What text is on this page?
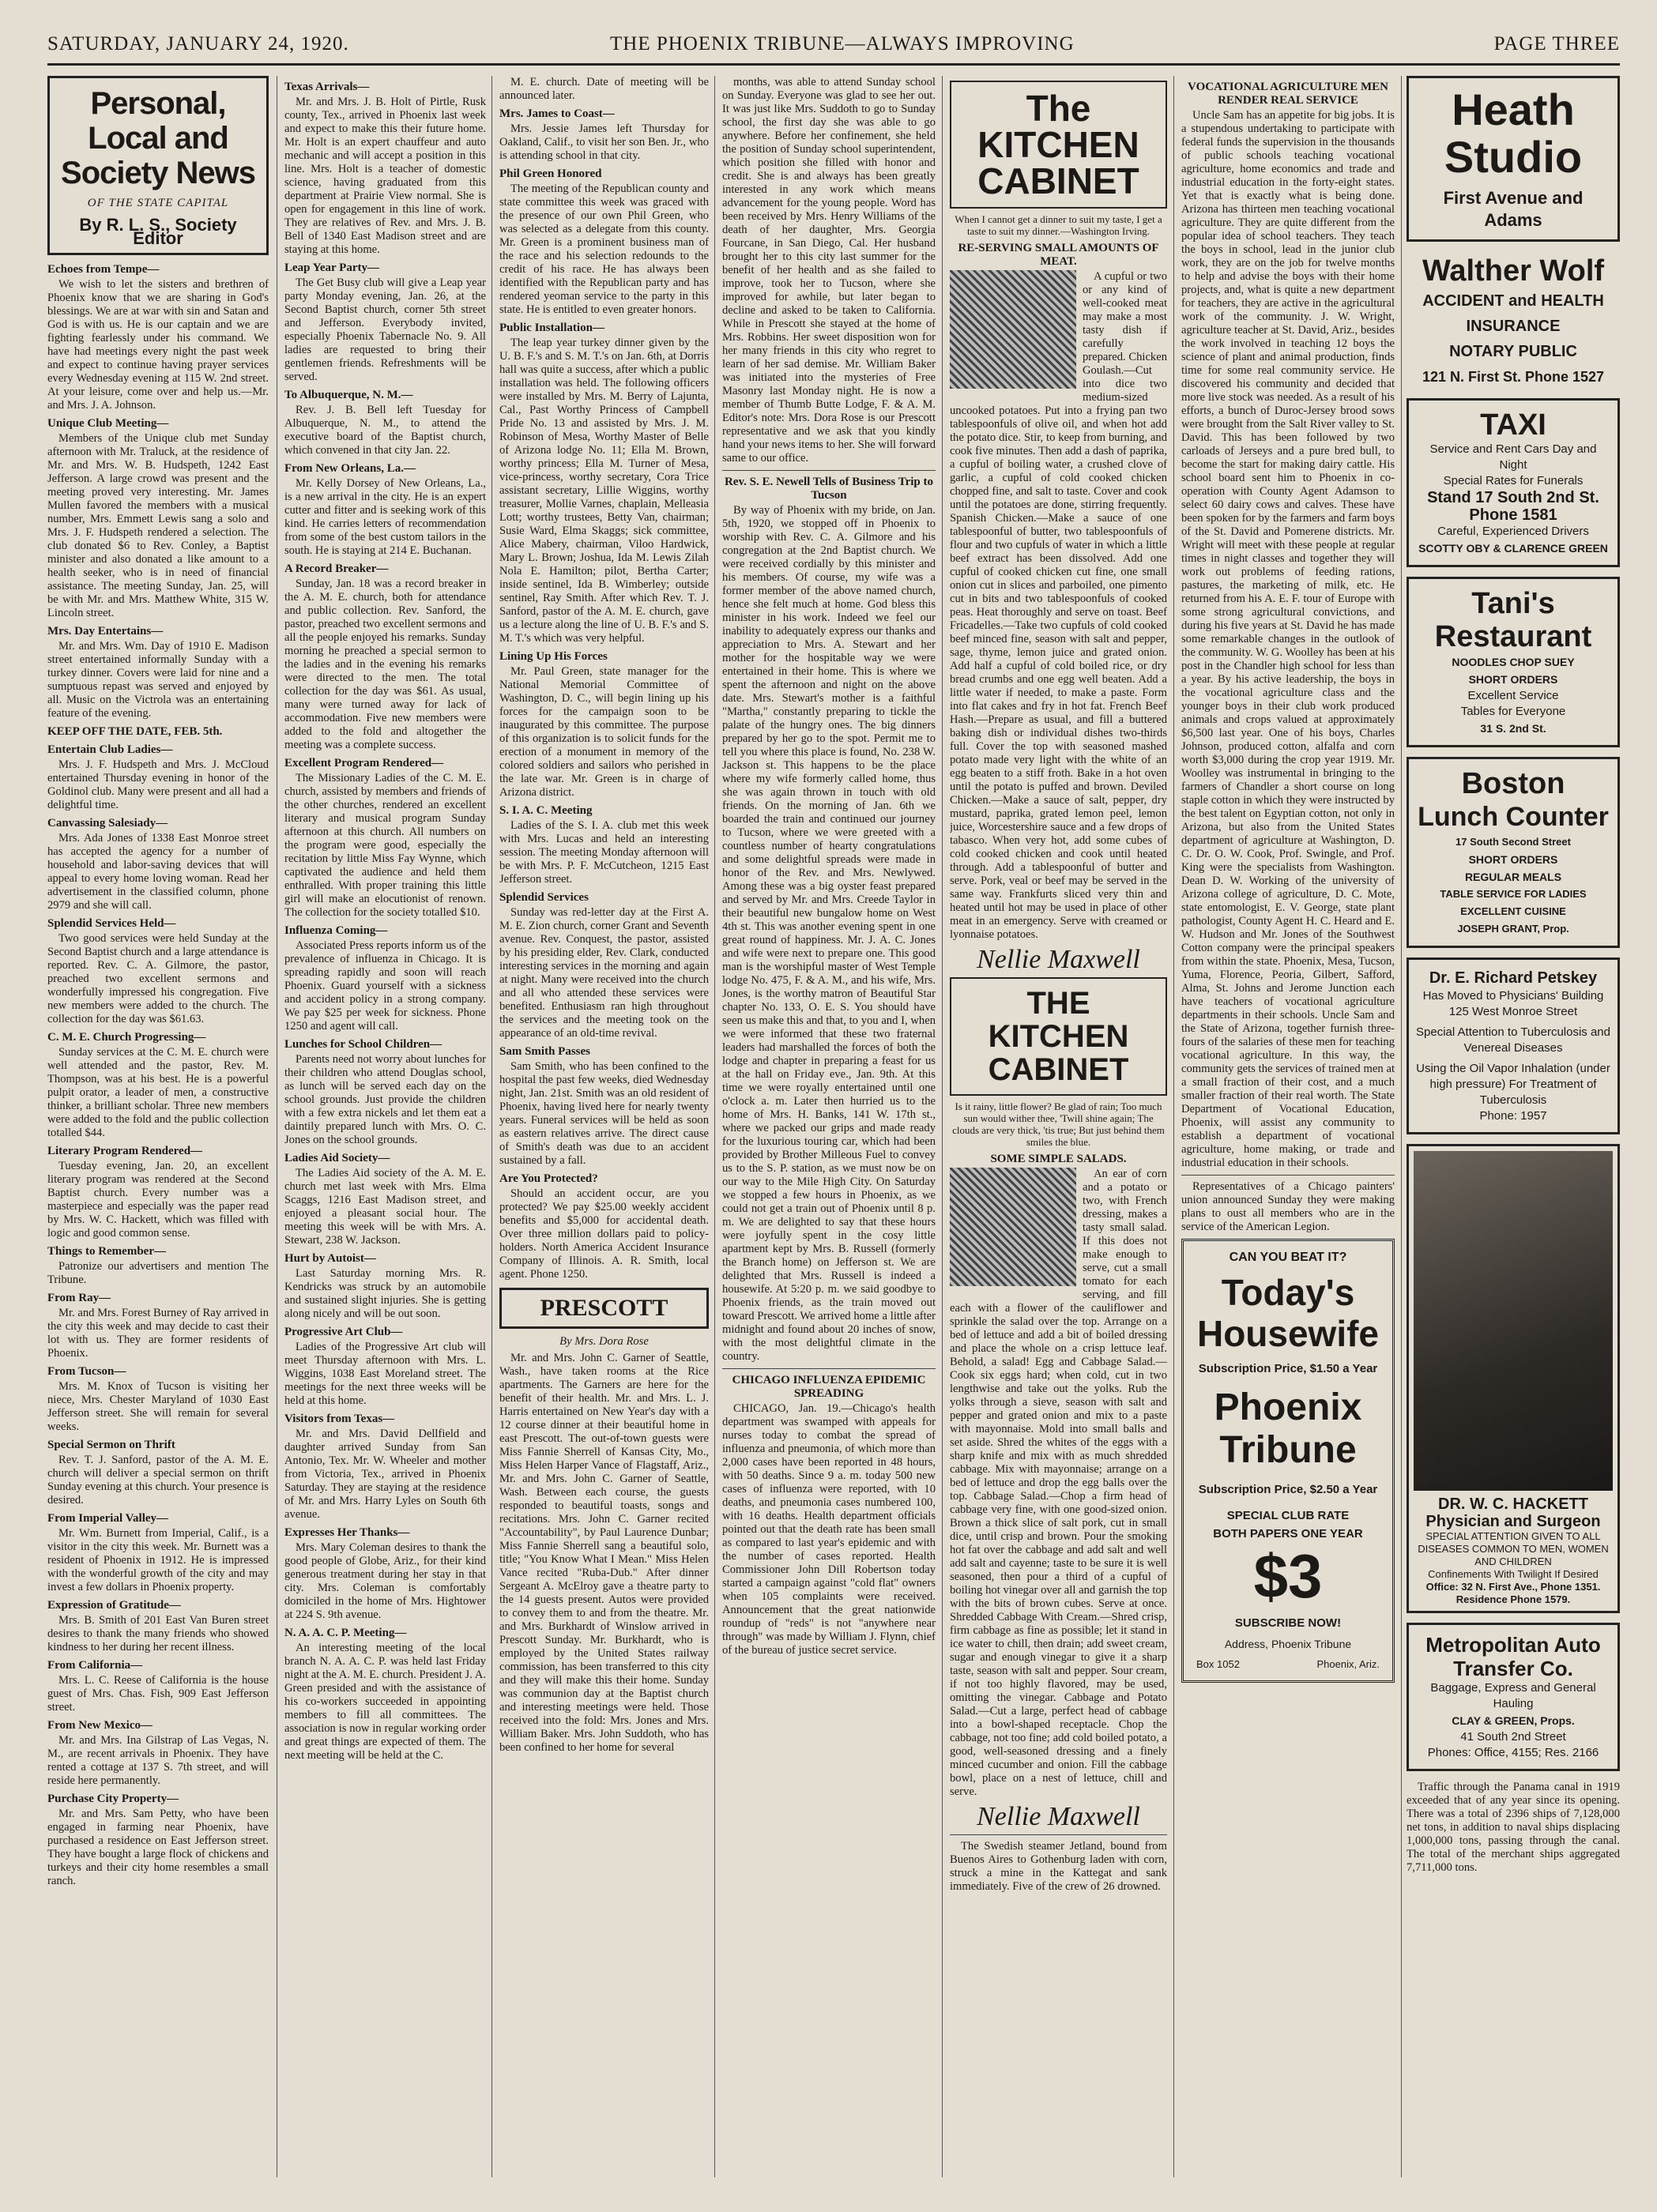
SATURDAY, JANUARY 24, 1920.	THE PHOENIX TRIBUNE—ALWAYS IMPROVING	PAGE THREE
Personal, Local and Society News
OF THE STATE CAPITAL
By R. L. S., Society Editor
Echoes from Tempe—

We wish to let the sisters and brethren of Phoenix know that we are sharing in God's blessings. We are at war with sin and Satan and God is with us. He is our captain and we are fighting fearlessly under his command. We have had meetings every night the past week and expect to continue having prayer services every Wednesday evening at 115 W. 2nd street. At your leisure, come over and help us.—Mr. and Mrs. J. A. Johnson.

Unique Club Meeting—

Members of the Unique club met Sunday afternoon with Mr. Traluck, at the residence of Mr. and Mrs. W. B. Hudspeth, 1242 East Jefferson. A large crowd was present and the meeting proved very interesting. Mr. James Mullen favored the members with a musical number, Mrs. Emmett Lewis sang a solo and Mrs. J. F. Hudspeth rendered a selection. The club donated $6 to Rev. Conley, a Baptist minister and also donated a like amount to a health seeker, who is in need of financial assistance. The meeting Sunday, Jan. 25, will be with Mr. and Mrs. Matthew White, 315 W. Lincoln street.

Mrs. Day Entertains—

Mr. and Mrs. Wm. Day of 1910 E. Madison street entertained informally Sunday with a turkey dinner. Covers were laid for nine and a sumptuous repast was served and enjoyed by all. Music on the Victrola was an entertaining feature of the evening.

KEEP OFF THE DATE, FEB. 5th.
Entertain Club Ladies—

Mrs. J. F. Hudspeth and Mrs. J. McCloud entertained Thursday evening in honor of the Goldinol club. Many were present and all had a delightful time.

Canvassing Salesiady—

Mrs. Ada Jones of 1338 East Monroe street has accepted the agency for a number of household and labor-saving devices that will appeal to every home loving woman. Read her advertisement in the classified column, phone 2979 and she will call.

Splendid Services Held—

Two good services were held Sunday at the Second Baptist church and a large attendance is reported. Rev. C. A. Gilmore, the pastor, preached two excellent sermons and wonderfully impressed his congregation. Five new members were added to the church. The collection for the day was $61.63.

C. M. E. Church Progressing—

Sunday services at the C. M. E. church were well attended and the pastor, Rev. M. Thompson, was at his best. He is a powerful pulpit orator, a leader of men, a constructive thinker, a brilliant scholar. Three new members were added to the fold and the public collection totalled $44.

Literary Program Rendered—

Tuesday evening, Jan. 20, an excellent literary program was rendered at the Second Baptist church. Every number was a masterpiece and especially was the paper read by Mrs. W. C. Hackett, which was filled with logic and good common sense.

Things to Remember—

Patronize our advertisers and mention The Tribune.

From Ray—

Mr. and Mrs. Forest Burney of Ray arrived in the city this week and may decide to cast their lot with us. They are former residents of Phoenix.

From Tucson—

Mrs. M. Knox of Tucson is visiting her niece, Mrs. Chester Maryland of 1030 East Jefferson street. She will remain for several weeks.

Special Sermon on Thrift

Rev. T. J. Sanford, pastor of the A. M. E. church will deliver a special sermon on thrift Sunday evening at this church. Your presence is desired.

From Imperial Valley—

Mr. Wm. Burnett from Imperial, Calif., is a visitor in the city this week. Mr. Burnett was a resident of Phoenix in 1912. He is impressed with the wonderful growth of the city and may invest a few dollars in Phoenix property.

Expression of Gratitude—

Mrs. B. Smith of 201 East Van Buren street desires to thank the many friends who showed kindness to her during her recent illness.

From California—

Mrs. L. C. Reese of California is the house guest of Mrs. Chas. Fish, 909 East Jefferson street.

From New Mexico—

Mr. and Mrs. Ina Gilstrap of Las Vegas, N. M., are recent arrivals in Phoenix. They have rented a cottage at 137 S. 7th street, and will reside here permanently.

Purchase City Property—

Mr. and Mrs. Sam Petty, who have been engaged in farming near Phoenix, have purchased a residence on East Jefferson street. They have bought a large flock of chickens and turkeys and their city home resembles a small ranch.

Texas Arrivals—

Mr. and Mrs. J. B. Holt of Pirtle, Rusk county, Tex., arrived in Phoenix last week and expect to make this their future home. Mr. Holt is an expert chauffeur and auto mechanic and will accept a position in this line. Mrs. Holt is a teacher of domestic science, having graduated from this department at Prairie View normal. She is open for engagement in this line of work. They are relatives of Rev. and Mrs. J. B. Bell of 1340 East Madison street and are staying at this home.

Leap Year Party—

The Get Busy club will give a Leap year party Monday evening, Jan. 26, at the Second Baptist church, corner 5th street and Jefferson. Everybody invited, especially Phoenix Tabernacle No. 9. All ladies are requested to bring their gentlemen friends. Refreshments will be served.

To Albuquerque, N. M.—

Rev. J. B. Bell left Tuesday for Albuquerque, N. M., to attend the executive board of the Baptist church, which convened in that city Jan. 22.

From New Orleans, La.—

Mr. Kelly Dorsey of New Orleans, La., is a new arrival in the city. He is an expert cutter and fitter and is seeking work of this kind. He carries letters of recommendation from some of the best custom tailors in the south. He is staying at 214 E. Buchanan.

A Record Breaker—

Sunday, Jan. 18 was a record breaker in the A. M. E. church, both for attendance and public collection. Rev. Sanford, the pastor, preached two excellent sermons and all the people enjoyed his remarks. Sunday morning he preached a special sermon to the ladies and in the evening his remarks were directed to the men. The total collection for the day was $61. As usual, many were turned away for lack of accommodation. Five new members were added to the fold and altogether the meeting was a complete success.

Excellent Program Rendered—

The Missionary Ladies of the C. M. E. church, assisted by members and friends of the other churches, rendered an excellent literary and musical program Sunday afternoon at this church. All numbers on the program were good, especially the recitation by little Miss Fay Wynne, which captivated the audience and held them enthralled. With proper training this little girl will make an elocutionist of renown. The collection for the society totalled $10.

Influenza Coming—

Associated Press reports inform us of the prevalence of influenza in Chicago. It is spreading rapidly and soon will reach Phoenix. Guard yourself with a sickness and accident policy in a strong company. We pay $25 per week for sickness. Phone 1250 and agent will call.

Lunches for School Children—

Parents need not worry about lunches for their children who attend Douglas school, as lunch will be served each day on the school grounds. Just provide the children with a few extra nickels and let them eat a daintily prepared lunch with Mrs. O. C. Jones on the school grounds.

Ladies Aid Society—

The Ladies Aid society of the A. M. E. church met last week with Mrs. Elma Scaggs, 1216 East Madison street, and enjoyed a pleasant social hour. The meeting this week will be with Mrs. A. Stewart, 238 W. Jackson.

Hurt by Autoist—

Last Saturday morning Mrs. R. Kendricks was struck by an automobile and sustained slight injuries. She is getting along nicely and will be out soon.

Progressive Art Club—

Ladies of the Progressive Art club will meet Thursday afternoon with Mrs. L. Wiggins, 1038 East Moreland street. The meetings for the next three weeks will be held at this home.

Visitors from Texas—

Mr. and Mrs. David Dellfield and daughter arrived Sunday from San Antonio, Tex. Mr. W. Wheeler and mother from Victoria, Tex., arrived in Phoenix Saturday. They are staying at the residence of Mr. and Mrs. Harry Lyles on South 6th avenue.

Expresses Her Thanks—

Mrs. Mary Coleman desires to thank the good people of Globe, Ariz., for their kind generous treatment during her stay in that city. Mrs. Coleman is comfortably domiciled in the home of Mrs. Hightower at 224 S. 9th avenue.

N. A. A. C. P. Meeting—

An interesting meeting of the local branch N. A. A. C. P. was held last Friday night at the A. M. E. church. President J. A. Green presided and with the assistance of his co-workers succeeded in appointing members to fill all committees. The association is now in regular working order and great things are expected of them. The next meeting will be held at the C.

M. E. church. Date of meeting will be announced later.

Mrs. James to Coast—

Mrs. Jessie James left Thursday for Oakland, Calif., to visit her son Ben. Jr., who is attending school in that city.

Phil Green Honored

The meeting of the Republican county and state committee this week was graced with the presence of our own Phil Green, who was selected as a delegate from this county. Mr. Green is a prominent business man of the race and his selection redounds to the credit of his race. He has always been identified with the Republican party and has rendered yeoman service to the party in this state. He is entitled to even greater honors.

Public Installation—

The leap year turkey dinner given by the U. B. F.'s and S. M. T.'s on Jan. 6th, at Dorris hall was quite a success, after which a public installation was held. The following officers were installed by Mrs. M. Berry of Lajunta, Cal., Past Worthy Princess of Campbell Pride No. 13 and assisted by Mrs. J. M. Robinson of Mesa, Worthy Master of Belle of Arizona lodge No. 11; Ella M. Brown, worthy princess; Ella M. Turner of Mesa, vice-princess, worthy secretary, Cora Trice assistant secretary, Lillie Wiggins, worthy treasurer, Mollie Varnes, chaplain, Melleasia Lott; worthy trustees, Betty Van, chairman; Susie Ward, Elma Skaggs; sick committee, Alice Mabery, chairman, Viloo Hardwick, Mary L. Brown; Joshua, Ida M. Lewis Zilah Nola E. Hamilton; pilot, Bertha Carter; inside sentinel, Ida B. Wimberley; outside sentinel, Ray Smith. After which Rev. T. J. Sanford, pastor of the A. M. E. church, gave us a lecture along the line of U. B. F.'s and S. M. T.'s which was very helpful.

Lining Up His Forces

Mr. Paul Green, state manager for the National Memorial Committee of Washington, D. C., will begin lining up his forces for the campaign soon to be inaugurated by this committee. The purpose of this organization is to solicit funds for the erection of a monument in memory of the colored soldiers and sailors who perished in the late war. Mr. Green is in charge of Arizona district.

S. I. A. C. Meeting

Ladies of the S. I. A. club met this week with Mrs. Lucas and held an interesting session. The meeting Monday afternoon will be with Mrs. P. F. McCutcheon, 1215 East Jefferson street.

Splendid Services

Sunday was red-letter day at the First A. M. E. Zion church, corner Grant and Seventh avenue. Rev. Conquest, the pastor, assisted by his presiding elder, Rev. Clark, conducted interesting services in the morning and again at night. Many were received into the church and all who attended these services were benefited. Enthusiasm ran high throughout the services and the meeting took on the appearance of an old-time revival.

Sam Smith Passes

Sam Smith, who has been confined to the hospital the past few weeks, died Wednesday night, Jan. 21st. Smith was an old resident of Phoenix, having lived here for nearly twenty years. Funeral services will be held as soon as eastern relatives arrive. The direct cause of Smith's death was due to an accident sustained by a fall.

Are You Protected?

Should an accident occur, are you protected? We pay $25.00 weekly accident benefits and $5,000 for accidental death. Over three million dollars paid to policy-holders. North America Accident Insurance Company of Illinois. A. R. Smith, local agent. Phone 1250.

PRESCOTT
By Mrs. Dora Rose

Mr. and Mrs. John C. Garner of Seattle, Wash., have taken rooms at the Rice apartments. The Garners are here for the benefit of their health. Mr. and Mrs. L. J. Harris entertained on New Year's day with a 12 course dinner at their beautiful home in east Prescott. The out-of-town guests were Miss Fannie Sherrell of Kansas City, Mo., Miss Helen Harper Vance of Flagstaff, Ariz., Mr. and Mrs. John C. Garner of Seattle, Wash. Between each course, the guests responded to beautiful toasts, songs and recitations. Mrs. John C. Garner recited "Accountability", by Paul Laurence Dunbar; Miss Fannie Sherrell sang a beautiful solo, title; "You Know What I Mean." Miss Helen Vance recited "Ruba-Dub." After dinner Sergeant A. McElroy gave a theatre party to the 14 guests present. Autos were provided to convey them to and from the theatre. Mr. and Mrs. Burkhardt of Winslow arrived in Prescott Sunday. Mr. Burkhardt, who is employed by the United States railway commission, has been transferred to this city and they will make this their home. Sunday was communion day at the Baptist church and interesting meetings were held. Those received into the fold: Mrs. Jones and Mrs. William Baker. Mrs. John Suddoth, who has been confined to her home for several

months, was able to attend Sunday school on Sunday. Everyone was glad to see her out. It was just like Mrs. Suddoth to go to Sunday school, the first day she was able to go anywhere. Before her confinement, she held the position of Sunday school superintendent, which position she filled with honor and credit. She is and always has been greatly interested in any work which means advancement for the young people. Word has been received by Mrs. Henry Williams of the death of her daughter, Mrs. Georgia Fourcane, in San Diego, Cal. Her husband brought her to this city last summer for the benefit of her health and as she failed to improve, took her to Tucson, where she improved for awhile, but later began to decline and asked to be taken to California. While in Prescott she stayed at the home of Mrs. Robbins. Her sweet disposition won for her many friends in this city who regret to learn of her sad demise. Mr. William Baker was initiated into the mysteries of Free Masonry last Monday night. He is now a member of Thumb Butte Lodge, F. & A. M. Editor's note: Mrs. Dora Rose is our Prescott representative and we ask that you kindly hand your news items to her. She will forward same to our office.

Rev. S. E. Newell Tells of Business Trip to Tucson

By way of Phoenix with my bride, on Jan. 5th, 1920, we stopped off in Phoenix to worship with Rev. C. A. Gilmore and his congregation at the 2nd Baptist church. We were received cordially by this minister and his members. Of course, my wife was a former member of the above named church, hence she felt much at home. God bless this minister in his work. Indeed we feel our inability to adequately express our thanks and appreciation to Mrs. A. Stewart and her mother for the hospitable way we were entertained in their home. This is where we spent the afternoon and night on the above date. Mrs. Stewart's mother is a faithful "Martha," constantly preparing to tickle the palate of the hungry ones. The big dinners prepared by her go to the spot. Permit me to tell you where this place is found, No. 238 W. Jackson st. This happens to be the place where my wife formerly called home, thus she was again thrown in touch with old friends. On the morning of Jan. 6th we boarded the train and continued our journey to Tucson, where we were greeted with a countless number of hearty congratulations and some delightful spreads were made in honor of the Rev. and Mrs. Newlywed. Among these was a big oyster feast prepared and served by Mr. and Mrs. Creede Taylor in their beautiful new bungalow home on West 4th st. This was another evening spent in one great round of happiness. Mr. J. A. C. Jones and wife were next to prepare one. This good man is the worshipful master of West Temple lodge No. 475, F. & A. M., and his wife, Mrs. Jones, is the worthy matron of Beautiful Star chapter No. 133, O. E. S. You should have seen us make this and that, to you and I, when we were informed that these two fraternal leaders had marshalled the forces of both the lodge and chapter in preparing a feast for us at the hall on Friday eve., Jan. 9th. At this time we were royally entertained until one o'clock a. m. Later then hurried us to the home of Mrs. H. Banks, 141 W. 17th st., where we packed our grips and made ready for the luxurious touring car, which had been provided by Brother Milleous Fuel to convey us to the S. P. station, as we must now be on our way to the Mile High City. On Saturday we stopped a few hours in Phoenix, as we could not get a train out of Phoenix until 8 p. m. We are delighted to say that these hours were joyfully spent in the cosy little apartment kept by Mrs. B. Russell (formerly the Branch home) on Jefferson st. We are delighted that Mrs. Russell is indeed a housewife. At 5:20 p. m. we said goodbye to Phoenix friends, as the train moved out toward Prescott. We arrived home a little after midnight and found about 20 inches of snow, with the most delightful climate in the country.

CHICAGO INFLUENZA EPIDEMIC SPREADING

CHICAGO, Jan. 19.—Chicago's health department was swamped with appeals for nurses today to combat the spread of influenza and pneumonia, of which more than 2,000 cases have been reported in 48 hours, with 50 deaths. Since 9 a. m. today 500 new cases of influenza were reported, with 10 deaths, and pneumonia cases numbered 100, with 16 deaths. Health department officials pointed out that the death rate has been small as compared to last year's epidemic and with the number of cases reported. Health Commissioner John Dill Robertson today started a campaign against "cold flat" owners when 105 complaints were received. Announcement that the great nationwide roundup of "reds" is not "anywhere near through" was made by William J. Flynn, chief of the bureau of justice secret service.

The KITCHEN CABINET
When I cannot get a dinner to suit my taste, I get a taste to suit my dinner.—Washington Irving.
RE-SERVING SMALL AMOUNTS OF MEAT.

A cupful or two or any kind of well-cooked meat may make a most tasty dish if carefully prepared. Chicken Goulash.—Cut into dice two medium-sized uncooked potatoes. Put into a frying pan two tablespoonfuls of olive oil, and when hot add the potato dice. Stir, to keep from burning, and cook five minutes. Then add a dash of paprika, a cupful of boiling water, a crushed clove of garlic, a cupful of cold cooked chicken chopped fine, and salt to taste. Cover and cook until the potatoes are done, stirring frequently. Spanish Chicken.—Make a sauce of one tablespoonful of butter, two tablespoonfuls of flour and two cupfuls of water in which a little beef extract has been dissolved. Add one cupful of cooked chicken cut fine, one small onion cut in slices and parboiled, one pimento cut in bits and two tablespoonfuls of cooked peas. Heat thoroughly and serve on toast. Beef Fricadelles.—Take two cupfuls of cold cooked beef minced fine, season with salt and pepper, sage, thyme, lemon juice and grated onion. Add half a cupful of cold boiled rice, or dry bread crumbs and one egg well beaten. Add a little water if needed, to make a paste. Form into flat cakes and fry in hot fat. French Beef Hash.—Prepare as usual, and fill a buttered baking dish or individual dishes two-thirds full. Cover the top with seasoned mashed potato made very light with the white of an egg beaten to a stiff froth. Bake in a hot oven until the potato is puffed and brown. Deviled Chicken.—Make a sauce of salt, pepper, dry mustard, paprika, grated lemon peel, lemon juice, Worcestershire sauce and a few drops of tabasco. When very hot, add some cubes of cold cooked chicken and cook until heated through. Add a tablespoonful of butter and serve. Pork, veal or beef may be served in the same way. Frankfurts sliced very thin and heated until hot may be used in place of other meat in an emergency. Serve with creamed or lyonnaise potatoes.

Nellie Maxwell
THE KITCHEN CABINET
Is it rainy, little flower? Be glad of rain; Too much sun would wither thee, 'Twill shine again; The clouds are very thick, 'tis true; But just behind them smiles the blue.
SOME SIMPLE SALADS.

An ear of corn and a potato or two, with French dressing, makes a tasty small salad. If this does not make enough to serve, cut a small tomato for each serving, and fill each with a flower of the cauliflower and sprinkle the salad over the top. Arrange on a bed of lettuce and add a bit of boiled dressing and place the whole on a crisp lettuce leaf. Behold, a salad! Egg and Cabbage Salad.—Cook six eggs hard; when cold, cut in two lengthwise and take out the yolks. Rub the yolks through a sieve, season with salt and pepper and grated onion and mix to a paste with mayonnaise. Mold into small balls and set aside. Shred the whites of the eggs with a sharp knife and mix with as much shredded cabbage. Mix with mayonnaise; arrange on a bed of lettuce and drop the egg balls over the top. Cabbage Salad.—Chop a firm head of cabbage very fine, with one good-sized onion. Brown a thick slice of salt pork, cut in small dice, until crisp and brown. Pour the smoking hot fat over the cabbage and add salt and well add salt and cayenne; taste to be sure it is well seasoned, then pour a third of a cupful of boiling hot vinegar over all and garnish the top with the bits of brown cubes. Serve at once. Shredded Cabbage With Cream.—Shred crisp, firm cabbage as fine as possible; let it stand in ice water to chill, then drain; add sweet cream, sugar and enough vinegar to give it a sharp taste, season with salt and pepper. Sour cream, if not too highly flavored, may be used, omitting the vinegar. Cabbage and Potato Salad.—Cut a large, perfect head of cabbage into a bowl-shaped receptacle. Chop the cabbage, not too fine; add cold boiled potato, a good, well-seasoned dressing and a finely minced cucumber and onion. Fill the cabbage bowl, place on a nest of lettuce, chill and serve.

Nellie Maxwell

The Swedish steamer Jetland, bound from Buenos Aires to Gothenburg laden with corn, struck a mine in the Kattegat and sank immediately. Five of the crew of 26 drowned.

VOCATIONAL AGRICULTURE MEN RENDER REAL SERVICE

Uncle Sam has an appetite for big jobs. It is a stupendous undertaking to participate with federal funds the supervision in the thousands of public schools teaching vocational agriculture, home economics and trade and industrial education in the forty-eight states. Yet that is exactly what is being done. Arizona has thirteen men teaching vocational agriculture. They are quite different from the popular idea of school teachers. They teach the boys in school, lead in the junior club work, they are on the job for twelve months to help and advise the boys with their home projects, and, what is quite a new department for teachers, they are active in the agricultural work of the community. J. W. Wright, agriculture teacher at St. David, Ariz., besides the work involved in teaching 12 boys the science of plant and animal production, finds time for some real community service. He discovered his community and decided that more live stock was needed. As a result of his efforts, a bunch of Duroc-Jersey brood sows were brought from the Salt River valley to St. David. This has been followed by two carloads of Jerseys and a pure bred bull, to become the start for making dairy cattle. His school board sent him to Phoenix in co-operation with County Agent Adamson to select 60 dairy cows and calves. These have been spoken for by the farmers and farm boys of the St. David and Pomerene districts. Mr. Wright will meet with these people at regular times in night classes and together they will work out problems of feeding rations, pastures, the marketing of milk, etc. He returned from his A. E. F. tour of Europe with some strong agricultural convictions, and during his five years at St. David he has made some remarkable changes in the outlook of the community. W. G. Woolley has been at his post in the Chandler high school for less than a year. By his active leadership, the boys in the vocational agriculture class and the younger boys in their club work produced animals and crops valued at approximately $6,500 last year. One of his boys, Charles Johnson, produced cotton, alfalfa and corn worth $3,000 during the crop year 1919. Mr. Woolley was instrumental in bringing to the farmers of Chandler a short course on long staple cotton in which they were instructed by the best talent on Egyptian cotton, not only in Arizona, but also from the United States department of agriculture at Washington, D. C. Dr. O. W. Cook, Prof. Swingle, and Prof. King were the specialists from Washington. Dean D. W. Working of the university of Arizona college of agriculture, D. C. Mote, state entomologist, E. V. George, state plant pathologist, County Agent H. C. Heard and E. W. Hudson and Mr. Jones of the Southwest Cotton company were the principal speakers from within the state. Phoenix, Mesa, Tucson, Yuma, Florence, Peoria, Gilbert, Safford, Alma, St. Johns and Jerome Junction each have teachers of vocational agriculture departments in their schools. Uncle Sam and the State of Arizona, together furnish three-fours of the salaries of these men for teaching vocational agriculture. In this way, the community gets the services of trained men at a small fraction of their cost, and a much smaller fraction of their real worth. The State Department of Vocational Education, Phoenix, will assist any community to establish a department of vocational agriculture, home making, or trade and industrial education in their schools.

Representatives of a Chicago painters' union announced Sunday they were making plans to oust all members who are in the service of the American Legion.

CAN YOU BEAT IT?
Today's Housewife
Subscription Price, $1.50 a Year
Phoenix Tribune
Subscription Price, $2.50 a Year
SPECIAL CLUB RATE
BOTH PAPERS ONE YEAR
$3
SUBSCRIBE NOW!
Address, Phoenix Tribune
Box 1052	Phoenix, Ariz.
Heath
Studio
First Avenue and Adams
Walther Wolf
ACCIDENT and HEALTH
INSURANCE
NOTARY PUBLIC
121 N. First St. Phone 1527
TAXI
Service and Rent Cars Day and Night
Special Rates for Funerals
Stand 17 South 2nd St.
Phone 1581
Careful, Experienced Drivers
SCOTTY OBY & CLARENCE GREEN
Tani's
Restaurant
NOODLES CHOP SUEY
SHORT ORDERS
Excellent Service
Tables for Everyone
31 S. 2nd St.
Boston
Lunch Counter
17 South Second Street
SHORT ORDERS
REGULAR MEALS
TABLE SERVICE FOR LADIES
EXCELLENT CUISINE
JOSEPH GRANT, Prop.
Dr. E. Richard Petskey
Has Moved to Physicians' Building
125 West Monroe Street
Special Attention to Tuberculosis and Venereal Diseases
Using the Oil Vapor Inhalation (under high pressure) For Treatment of Tuberculosis
Phone: 1957
DR. W. C. HACKETT
Physician and Surgeon
SPECIAL ATTENTION GIVEN TO ALL DISEASES COMMON TO MEN, WOMEN AND CHILDREN
Confinements With Twilight If Desired
Office: 32 N. First Ave., Phone 1351.
Residence Phone 1579.
Metropolitan Auto
Transfer Co.
Baggage, Express and General Hauling
CLAY & GREEN, Props.
41 South 2nd Street
Phones: Office, 4155; Res. 2166

Traffic through the Panama canal in 1919 exceeded that of any year since its opening. There was a total of 2396 ships of 7,128,000 net tons, in addition to naval ships displacing 1,000,000 tons, passing through the canal. The total of the merchant ships aggregated 7,711,000 tons.
